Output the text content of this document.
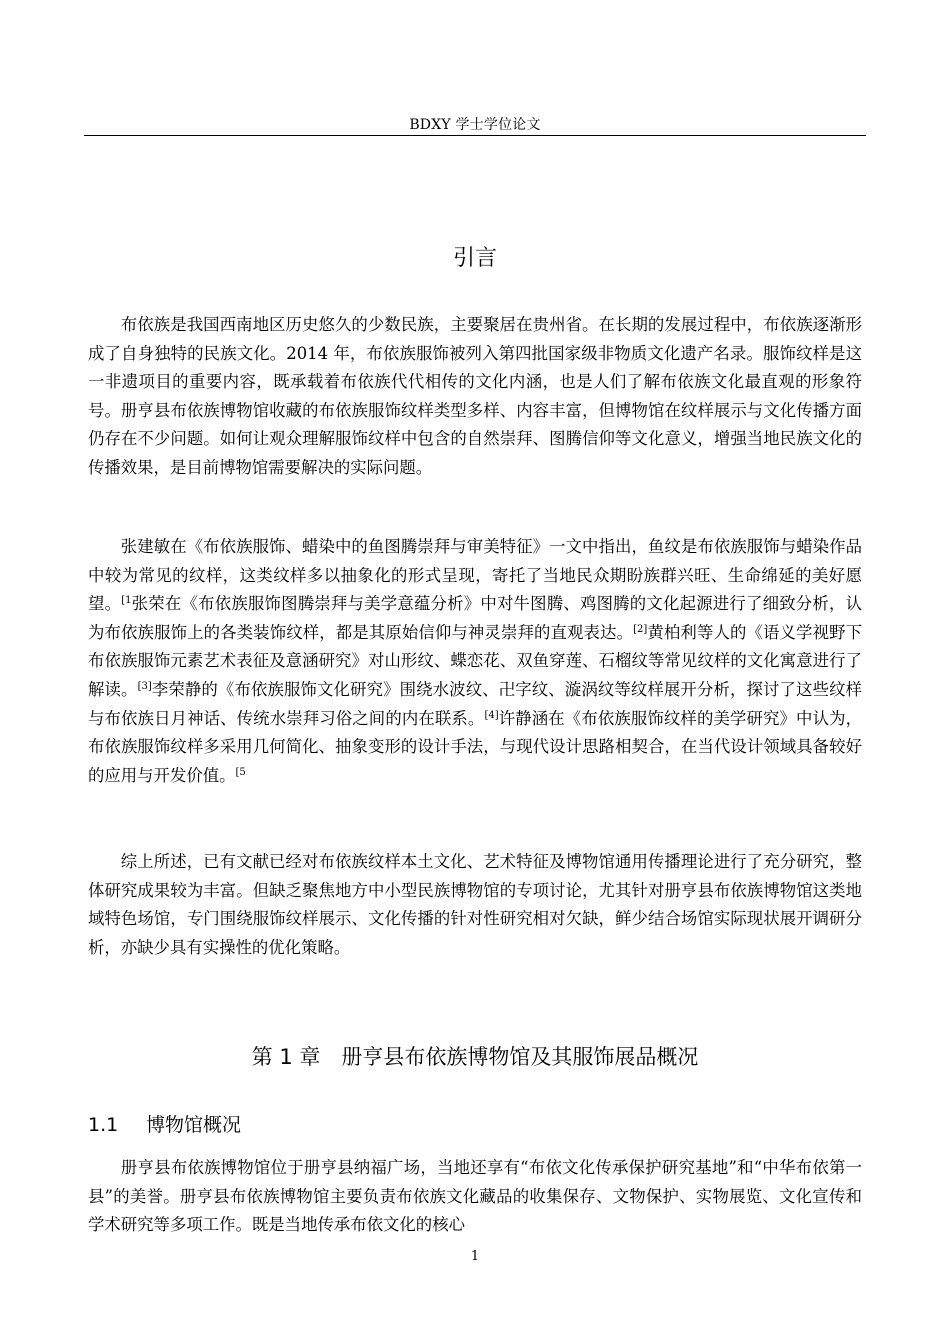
BDXY 学士学位论文
引言

布依族是我国西南地区历史悠久的少数民族，主要聚居在贵州省。在长期的发展过程中，布依族逐渐形成了自身独特的民族文化。2014 年，布依族服饰被列入第四批国家级非物质文化遗产名录。服饰纹样是这一非遗项目的重要内容，既承载着布依族代代相传的文化内涵，也是人们了解布依族文化最直观的形象符号。册亨县布依族博物馆收藏的布依族服饰纹样类型多样、内容丰富，但博物馆在纹样展示与文化传播方面仍存在不少问题。如何让观众理解服饰纹样中包含的自然崇拜、图腾信仰等文化意义，增强当地民族文化的传播效果，是目前博物馆需要解决的实际问题。

张建敏在《布依族服饰、蜡染中的鱼图腾崇拜与审美特征》一文中指出，鱼纹是布依族服饰与蜡染作品中较为常见的纹样，这类纹样多以抽象化的形式呈现，寄托了当地民众期盼族群兴旺、生命绵延的美好愿望。$^{[1}$张荣在《布依族服饰图腾崇拜与美学意蕴分析》中对牛图腾、鸡图腾的文化起源进行了细致分析，认为布依族服饰上的各类装饰纹样，都是其原始信仰与神灵崇拜的直观表达。[2]黄柏利等人的《语义学视野下布依族服饰元素艺术表征及意涵研究》对山形纹、蝶恋花、双鱼穿莲、石榴纹等常见纹样的文化寓意进行了解读。[3]李荣静的《布依族服饰文化研究》围绕水波纹、卍字纹、漩涡纹等纹样展开分析，探讨了这些纹样与布依族日月神话、传统水崇拜习俗之间的内在联系。[4]许静涵在《布依族服饰纹样的美学研究》中认为，布依族服饰纹样多采用几何简化、抽象变形的设计手法，与现代设计思路相契合，在当代设计领域具备较好的应用与开发价值。$^{[5}$

综上所述，已有文献已经对布依族纹样本土文化、艺术特征及博物馆通用传播理论进行了充分研究，整体研究成果较为丰富。但缺乏聚焦地方中小型民族博物馆的专项讨论，尤其针对册亨县布依族博物馆这类地域特色场馆，专门围绕服饰纹样展示、文化传播的针对性研究相对欠缺，鲜少结合场馆实际现状展开调研分析，亦缺少具有实操性的优化策略。

第 1 章　册亨县布依族博物馆及其服饰展品概况
1.1 博物馆概况

册亨县布依族博物馆位于册亨县纳福广场，当地还享有“布依文化传承保护研究基地”和“中华布依第一县”的美誉。册亨县布依族博物馆主要负责布依族文化藏品的收集保存、文物保护、实物展览、文化宣传和学术研究等多项工作。既是当地传承布依文化的核心

1
